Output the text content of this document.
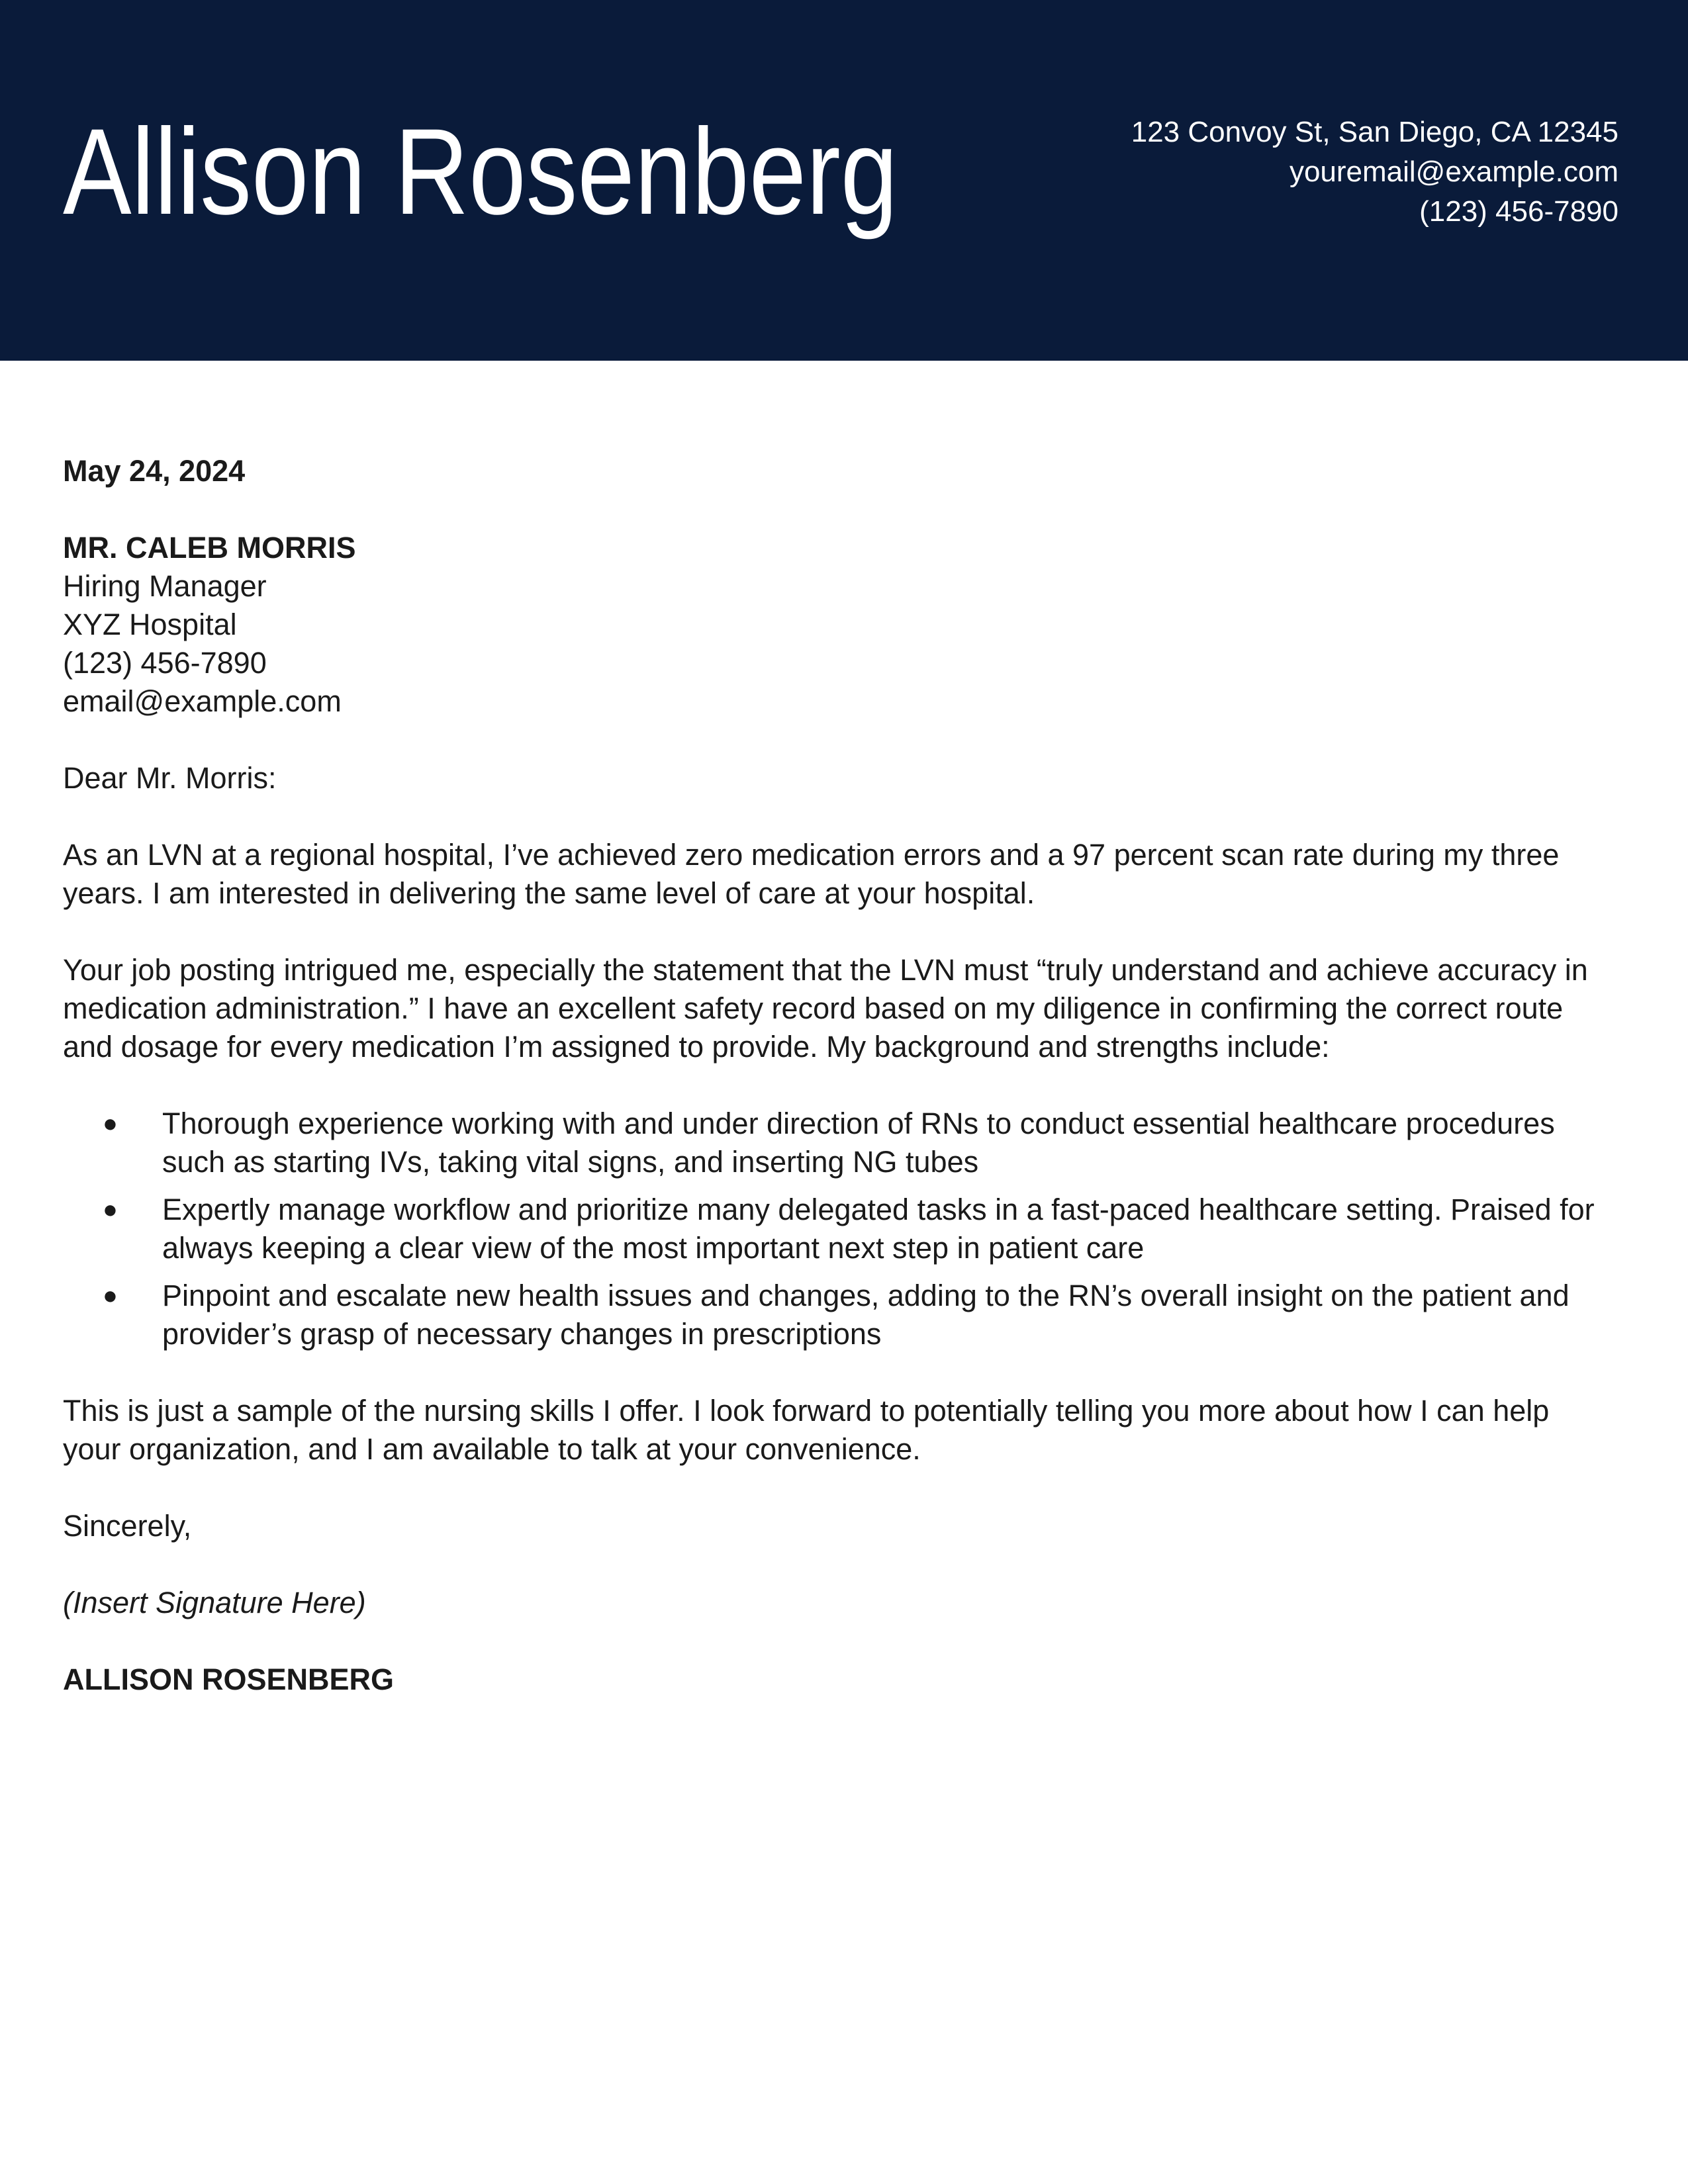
Allison Rosenberg	123 Convoy St, San Diego, CA 12345
youremail@example.com
(123) 456-7890

May 24, 2024

MR. CALEB MORRIS
Hiring Manager
XYZ Hospital
(123) 456-7890
email@example.com

Dear Mr. Morris:

As an LVN at a regional hospital, I’ve achieved zero medication errors and a 97 percent scan rate during my three years. I am interested in delivering the same level of care at your hospital.

Your job posting intrigued me, especially the statement that the LVN must “truly understand and achieve accuracy in medication administration.” I have an excellent safety record based on my diligence in confirming the correct route and dosage for every medication I’m assigned to provide. My background and strengths include:

●	Thorough experience working with and under direction of RNs to conduct essential healthcare procedures such as starting IVs, taking vital signs, and inserting NG tubes
●	Expertly manage workflow and prioritize many delegated tasks in a fast-paced healthcare setting. Praised for always keeping a clear view of the most important next step in patient care
●	Pinpoint and escalate new health issues and changes, adding to the RN’s overall insight on the patient and provider’s grasp of necessary changes in prescriptions

This is just a sample of the nursing skills I offer. I look forward to potentially telling you more about how I can help your organization, and I am available to talk at your convenience.

Sincerely,

(Insert Signature Here)

ALLISON ROSENBERG
